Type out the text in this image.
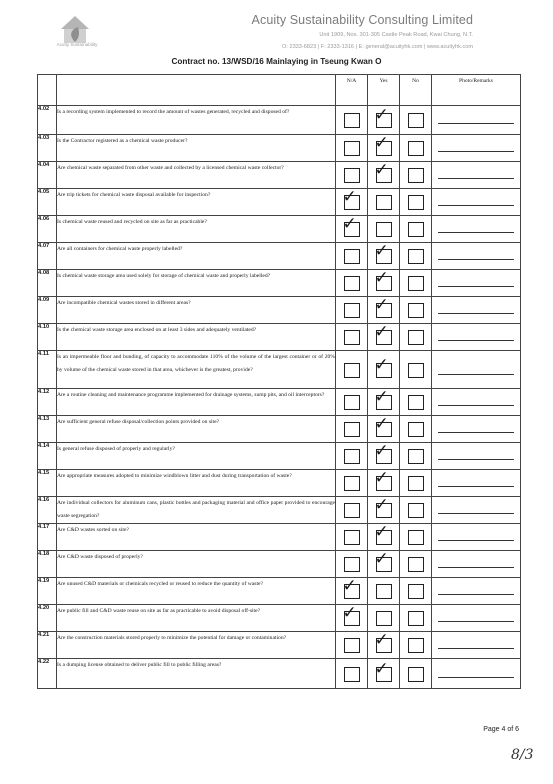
Acuity Sustainability
Acuity Sustainability Consulting Limited
Unit 1909, Nos. 301-305 Castle Peak Road, Kwai Chung, N.T.
O: 2333-6823 | F: 2333-1316 | E: general@acuityhk.com | www.acuityhk.com
Contract no. 13/WSD/16 Mainlaying in Tseung Kwan O
		N/A	Yes	No	Photo/Remarks
4.02	Is a recording system implemented to record the amount of wastes generated, recycled and disposed of?		✓		

4.03	Is the Contractor registered as a chemical waste producer?		✓		

4.04	Are chemical waste separated from other waste and collected by a licensed chemical waste collector?		✓		

4.05	Are trip tickets for chemical waste disposal available for inspection?	✓			

4.06	Is chemical waste reused and recycled on site as far as practicable?	✓			

4.07	Are all containers for chemical waste properly labelled?		✓		

4.08	Is chemical waste storage area used solely for storage of chemical waste and properly labelled?		✓		

4.09	Are incompatible chemical wastes stored in different areas?		✓		

4.10	Is the chemical waste storage area enclosed on at least 3 sides and adequately ventilated?		✓		

4.11	Is an impermeable floor and bunding, of capacity to accommodate 110% of the volume of the largest container or of 20% by volume of the chemical waste stored in that area, whichever is the greatest, provide?		✓		

4.12	Are a routine cleaning and maintenance programme implemented for drainage systems, sump pits, and oil interceptors?		✓		

4.13	Are sufficient general refuse disposal/collection points provided on site?		✓		

4.14	Is general refuse disposed of properly and regularly?		✓		

4.15	Are appropriate measures adopted to minimize windblown litter and dust during transportation of waste?		✓		

4.16	Are individual collectors for aluminum cans, plastic bottles and packaging material and office paper provided to encourage waste segregation?		✓		

4.17	Are C&D wastes sorted on site?		✓		

4.18	Are C&D waste disposed of properly?		✓		

4.19	Are unused C&D materials or chemicals recycled or reused to reduce the quantity of waste?	✓			

4.20	Are public fill and C&D waste reuse on site as far as practicable to avoid disposal off-site?	✓			

4.21	Are the construction materials stored properly to minimize the potential for damage or contamination?		✓		

4.22	Is a dumping license obtained to deliver public fill to public filling areas?		✓		

Page 4 of 6
8/3
